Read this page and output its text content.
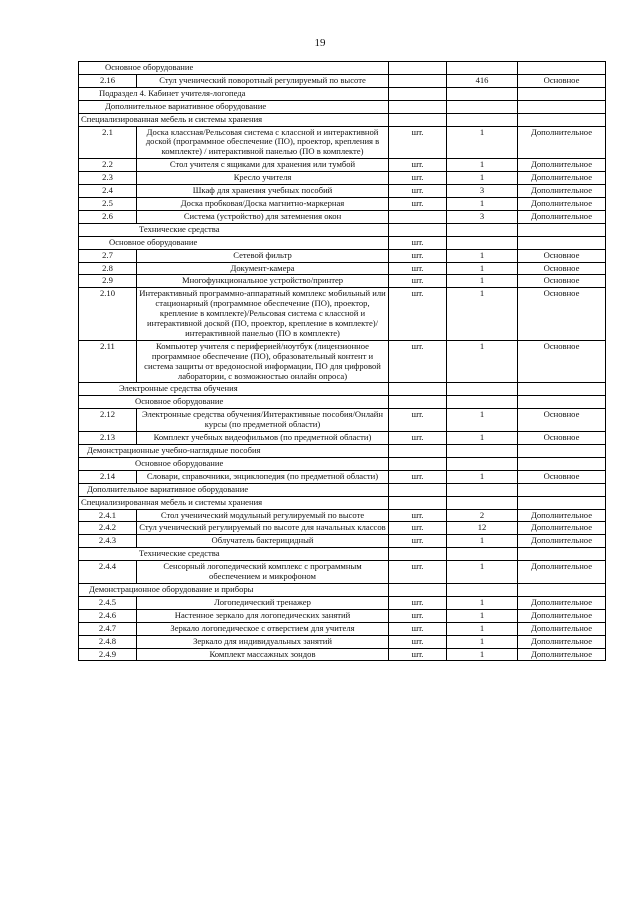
19
Основное оборудование				
2.16	Стул ученический поворотный регулируемый по высоте		416	Основное
Подраздел 4. Кабинет учителя-логопеда				
Дополнительное вариативное оборудование				
Специализированная мебель и системы хранения				
2.1	Доска классная/Рельсовая система с классной и интерактивной доской (программное обеспечение (ПО), проектор, крепления в комплекте) / интерактивной панелью (ПО в комплекте)	шт.	1	Дополнительное
2.2	Стол учителя с ящиками для хранения или тумбой	шт.	1	Дополнительное
2.3	Кресло учителя	шт.	1	Дополнительное
2.4	Шкаф для хранения учебных пособий	шт.	3	Дополнительное
2.5	Доска пробковая/Доска магнитно-маркерная	шт.	1	Дополнительное
2.6	Система (устройство) для затемнения окон		3	Дополнительное
Технические средства				
Основное оборудование		шт.		
2.7	Сетевой фильтр	шт.	1	Основное
2.8	Документ-камера	шт.	1	Основное
2.9	Многофункциональное устройство/принтер	шт.	1	Основное
2.10	Интерактивный программно-аппаратный комплекс мобильный или стационарный (программное обеспечение (ПО), проектор, крепление в комплекте)/Рельсовая система с классной и интерактивной доской (ПО, проектор, крепление в комплекте)/интерактивной панелью (ПО в комплекте)	шт.	1	Основное
2.11	Компьютер учителя с периферией/ноутбук (лицензионное программное обеспечение (ПО), образовательный контент и система защиты от вредоносной информации, ПО для цифровой лаборатории, с возможностью онлайн опроса)	шт.	1	Основное
Электронные средства обучения				
Основное оборудование				
2.12	Электронные средства обучения/Интерактивные пособия/Онлайн курсы (по предметной области)	шт.	1	Основное
2.13	Комплект учебных видеофильмов (по предметной области)	шт.	1	Основное
Демонстрационные учебно-наглядные пособия				
Основное оборудование				
2.14	Словари, справочники, энциклопедия (по предметной области)	шт.	1	Основное
Дополнительное вариативное оборудование				
Специализированная мебель и системы хранения				
2.4.1	Стол ученический модульный регулируемый по высоте	шт.	2	Дополнительное
2.4.2	Стул ученический регулируемый по высоте для начальных классов	шт.	12	Дополнительное
2.4.3	Облучатель бактерицидный	шт.	1	Дополнительное
Технические средства				
2.4.4	Сенсорный логопедический комплекс с программным обеспечением и микрофоном	шт.	1	Дополнительное
Демонстрационное оборудование и приборы				
2.4.5	Логопедический тренажер	шт.	1	Дополнительное
2.4.6	Настенное зеркало для логопедических занятий	шт.	1	Дополнительное
2.4.7	Зеркало логопедическое с отверстием для учителя	шт.	1	Дополнительное
2.4.8	Зеркало для индивидуальных занятий	шт.	1	Дополнительное
2.4.9	Комплект массажных зондов	шт.	1	Дополнительное
